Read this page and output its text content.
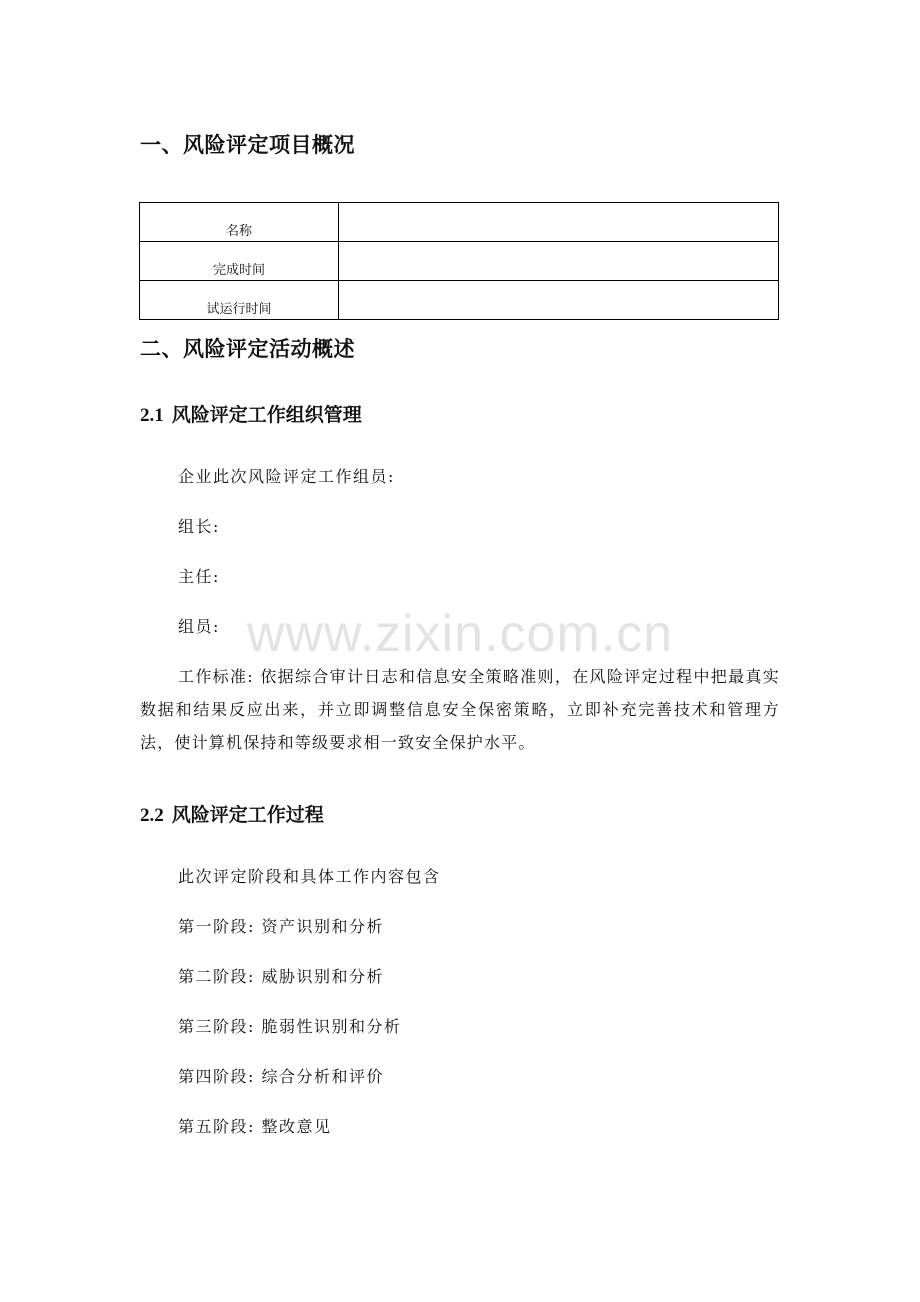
www.zixin.com.cn
一、风险评定项目概况
名称	
完成时间	
试运行时间	
二、风险评定活动概述
2.1 风险评定工作组织管理

企业此次风险评定工作组员:

组长:

主任:

组员:

工作标准: 依据综合审计日志和信息安全策略准则，在风险评定过程中把最真实数据和结果反应出来，并立即调整信息安全保密策略，立即补充完善技术和管理方法，使计算机保持和等级要求相一致安全保护水平。

2.2 风险评定工作过程

此次评定阶段和具体工作内容包含

第一阶段: 资产识别和分析

第二阶段: 威胁识别和分析

第三阶段: 脆弱性识别和分析

第四阶段: 综合分析和评价

第五阶段: 整改意见
